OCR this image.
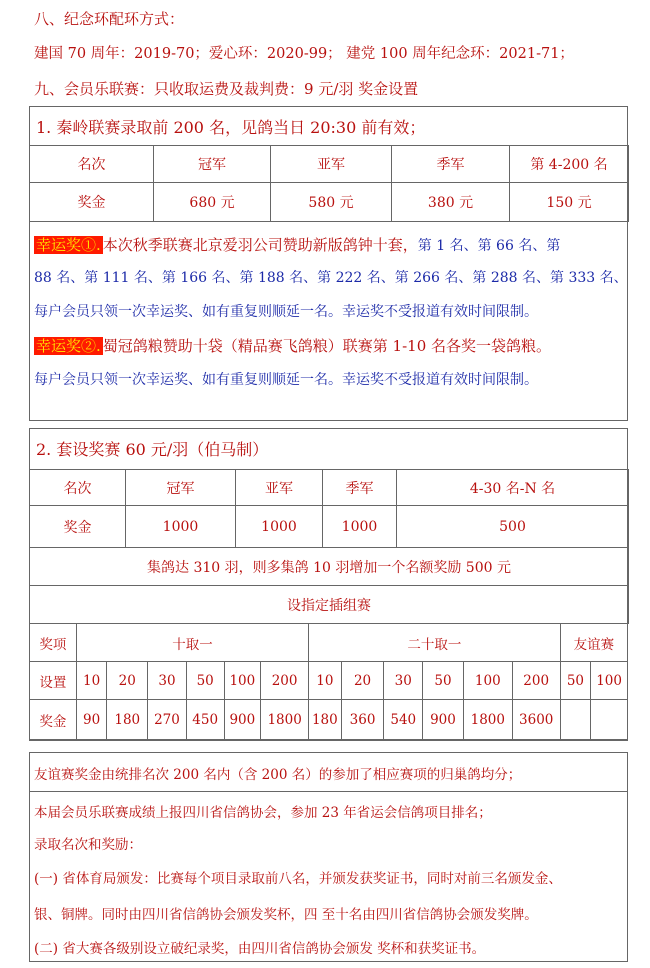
八、纪念环配环方式：
建国 70 周年：2019-70；爱心环：2020-99； 建党 100 周年纪念环：2021-71；
九、会员乐联赛：只收取运费及裁判费：9 元/羽 奖金设置
1. 秦岭联赛录取前 200 名，见鸽当日 20:30 前有效；
名次	冠军	亚军	季军	第 4-200 名
奖金	680 元	580 元	380 元	150 元
幸运奖①. 本次秋季联赛北京爱羽公司赞助新版鸽钟十套，第 1 名、第 66 名、第
88 名、第 111 名、第 166 名、第 188 名、第 222 名、第 266 名、第 288 名、第 333 名、
每户会员只领一次幸运奖、如有重复则顺延一名。幸运奖不受报道有效时间限制。
幸运奖②. 蜀冠鸽粮赞助十袋（精品赛飞鸽粮）联赛第 1-10 名各奖一袋鸽粮。
每户会员只领一次幸运奖、如有重复则顺延一名。幸运奖不受报道有效时间限制。
2. 套设奖赛 60 元/羽（伯马制）
名次	冠军	亚军	季军	4-30 名-N 名
奖金	1000	1000	1000	500
集鸽达 310 羽，则多集鸽 10 羽增加一个名额奖励 500 元				
设指定插组赛				
奖项	十取一						二十取一						友谊赛	
设置	10	20	30	50	100	200	10	20	30	50	100	200	50	100
奖金	90	180	270	450	900	1800	180	360	540	900	1800	3600		
友谊赛奖金由统排名次 200 名内（含 200 名）的参加了相应赛项的归巢鸽均分；
本届会员乐联赛成绩上报四川省信鸽协会，参加 23 年省运会信鸽项目排名；
录取名次和奖励：
(一) 省体育局颁发：比赛每个项目录取前八名，并颁发获奖证书，同时对前三名颁发金、
银、铜牌。同时由四川省信鸽协会颁发奖杯，四 至十名由四川省信鸽协会颁发奖牌。
(二) 省大赛各级别设立破纪录奖，由四川省信鸽协会颁发 奖杯和获奖证书。
